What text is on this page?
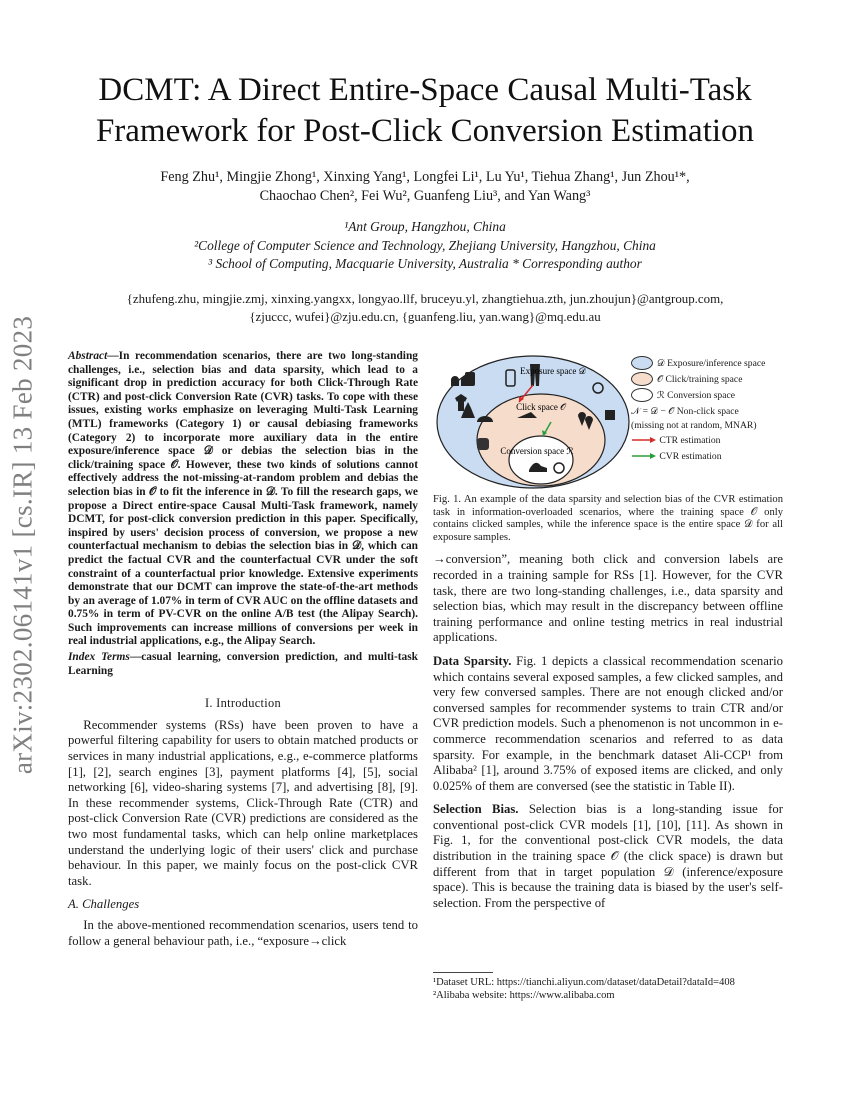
arXiv:2302.06141v1 [cs.IR] 13 Feb 2023
DCMT: A Direct Entire-Space Causal Multi-Task Framework for Post-Click Conversion Estimation
Feng Zhu¹, Mingjie Zhong¹, Xinxing Yang¹, Longfei Li¹, Lu Yu¹, Tiehua Zhang¹, Jun Zhou¹*,
Chaochao Chen², Fei Wu², Guanfeng Liu³, and Yan Wang³
¹Ant Group, Hangzhou, China
²College of Computer Science and Technology, Zhejiang University, Hangzhou, China
³ School of Computing, Macquarie University, Australia * Corresponding author
{zhufeng.zhu, mingjie.zmj, xinxing.yangxx, longyao.llf, bruceyu.yl, zhangtiehua.zth, jun.zhoujun}@antgroup.com,
{zjuccc, wufei}@zju.edu.cn, {guanfeng.liu, yan.wang}@mq.edu.au
Abstract—In recommendation scenarios, there are two long-standing challenges, i.e., selection bias and data sparsity, which lead to a significant drop in prediction accuracy for both Click-Through Rate (CTR) and post-click Conversion Rate (CVR) tasks. To cope with these issues, existing works emphasize on leveraging Multi-Task Learning (MTL) frameworks (Category 1) or causal debiasing frameworks (Category 2) to incorporate more auxiliary data in the entire exposure/inference space 𝒟 or debias the selection bias in the click/training space 𝒪. However, these two kinds of solutions cannot effectively address the not-missing-at-random problem and debias the selection bias in 𝒪 to fit the inference in 𝒟. To fill the research gaps, we propose a Direct entire-space Causal Multi-Task framework, namely DCMT, for post-click conversion prediction in this paper. Specifically, inspired by users' decision process of conversion, we propose a new counterfactual mechanism to debias the selection bias in 𝒟, which can predict the factual CVR and the counterfactual CVR under the soft constraint of a counterfactual prior knowledge. Extensive experiments demonstrate that our DCMT can improve the state-of-the-art methods by an average of 1.07% in term of CVR AUC on the offline datasets and 0.75% in term of PV-CVR on the online A/B test (the Alipay Search). Such improvements can increase millions of conversions per week in real industrial applications, e.g., the Alipay Search.
Index Terms—casual learning, conversion prediction, and multi-task Learning
I. Introduction

Recommender systems (RSs) have been proven to have a powerful filtering capability for users to obtain matched products or services in many industrial applications, e.g., e-commerce platforms [1], [2], search engines [3], payment platforms [4], [5], social networking [6], video-sharing systems [7], and advertising [8], [9]. In these recommender systems, Click-Through Rate (CTR) and post-click Conversion Rate (CVR) predictions are considered as the two most fundamental tasks, which can help online marketplaces understand the underlying logic of their users' click and purchase behaviour. In this paper, we mainly focus on the post-click CVR task.

A. Challenges

In the above-mentioned recommendation scenarios, users tend to follow a general behaviour path, i.e., “exposure→click

Exposure space 𝒟
Click space 𝒪
Conversion space ℛ
𝒟
Exposure/inference space
𝒪
Click/training space
ℛ
Conversion space
𝒩 = 𝒟 − 𝒪
Non-click space
(missing not at random, MNAR)

CTR estimation

CVR estimation
Fig. 1. An example of the data sparsity and selection bias of the CVR estimation task in information-overloaded scenarios, where the training space 𝒪 only contains clicked samples, while the inference space is the entire space 𝒟 for all exposure samples.

→conversion”, meaning both click and conversion labels are recorded in a training sample for RSs [1]. However, for the CVR task, there are two long-standing challenges, i.e., data sparsity and selection bias, which may result in the discrepancy between offline training performance and online testing metrics in real industrial applications.

Data Sparsity. Fig. 1 depicts a classical recommendation scenario which contains several exposed samples, a few clicked samples, and very few conversed samples. There are not enough clicked and/or conversed samples for recommender systems to train CTR and/or CVR prediction models. Such a phenomenon is not uncommon in e-commerce recommendation scenarios and referred to as data sparsity. For example, in the benchmark dataset Ali-CCP¹ from Alibaba² [1], around 3.75% of exposed items are clicked, and only 0.025% of them are conversed (see the statistic in Table II).

Selection Bias. Selection bias is a long-standing issue for conventional post-click CVR models [1], [10], [11]. As shown in Fig. 1, for the conventional post-click CVR models, the data distribution in the training space 𝒪 (the click space) is drawn but different from that in target population 𝒟 (inference/exposure space). This is because the training data is biased by the user's self-selection. From the perspective of

¹Dataset URL: https://tianchi.aliyun.com/dataset/dataDetail?dataId=408
²Alibaba website: https://www.alibaba.com
